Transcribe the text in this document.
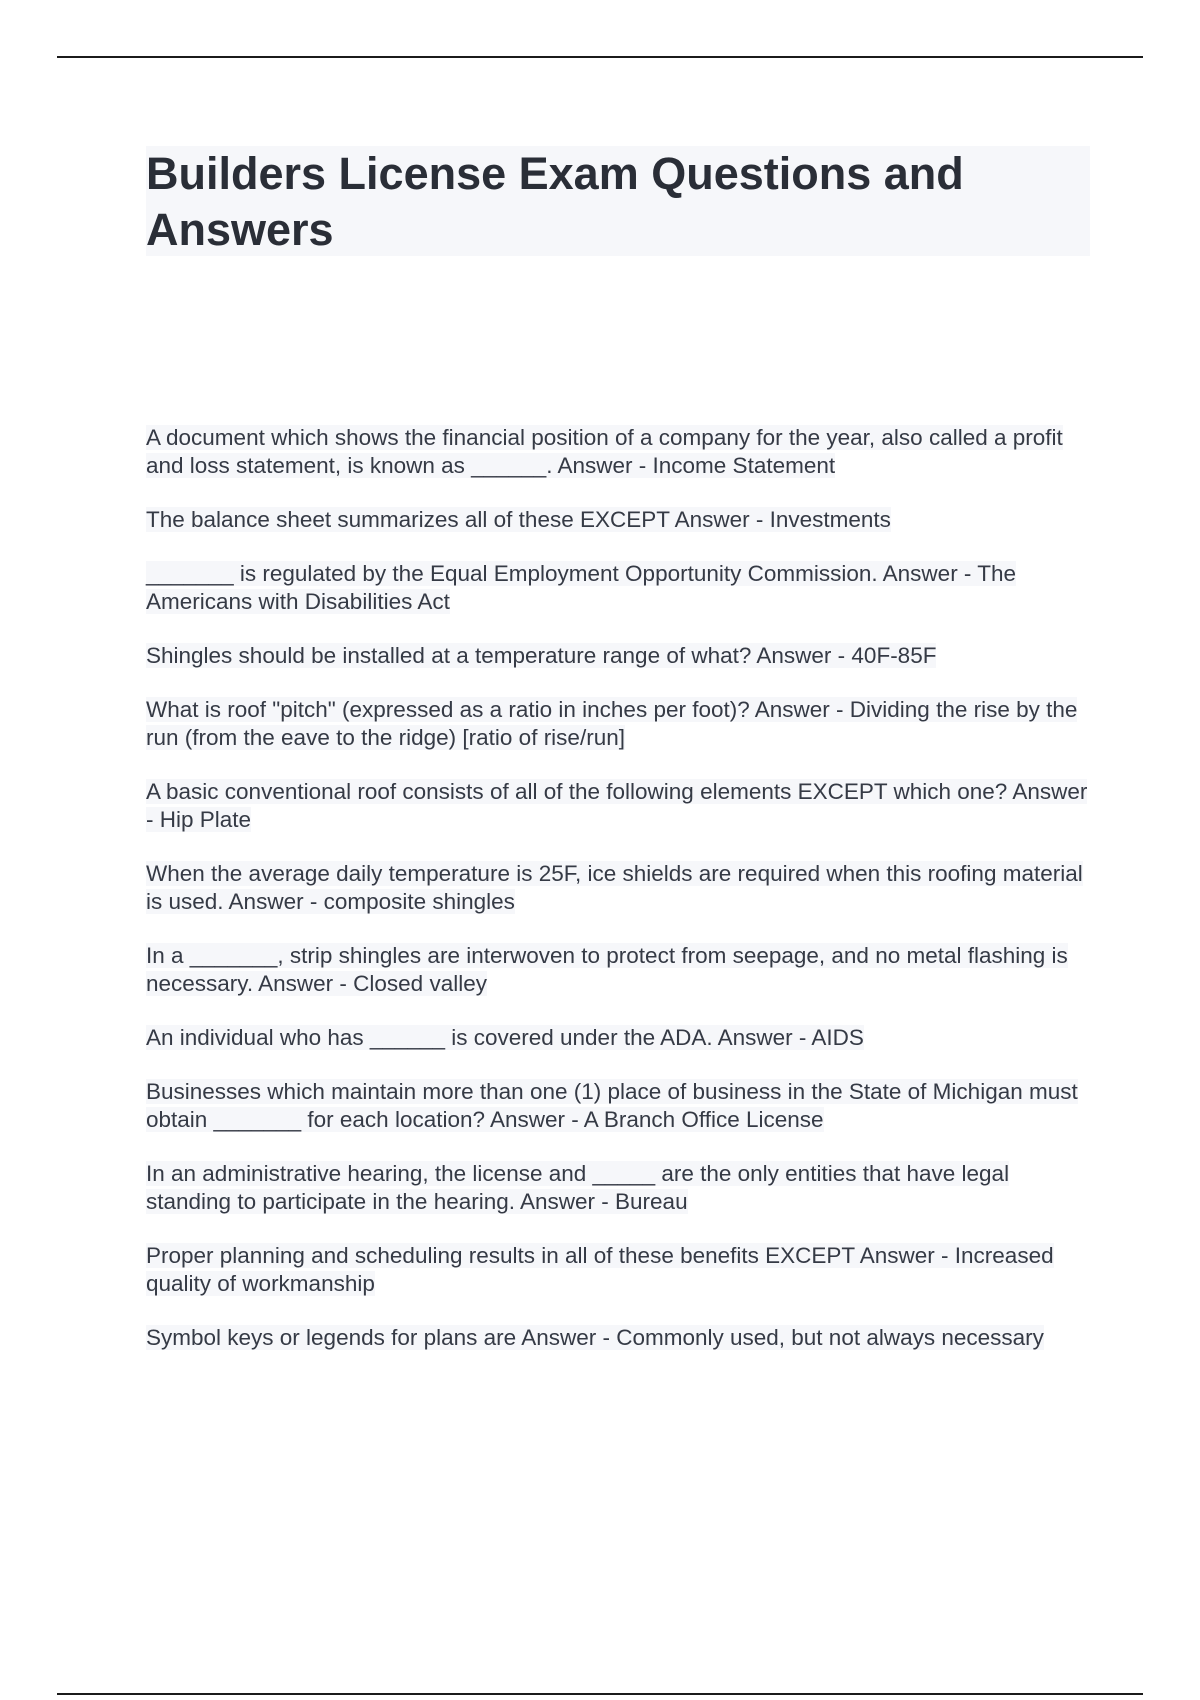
Builders License Exam Questions and Answers

A document which shows the financial position of a company for the year, also called a profit and loss statement, is known as ______. Answer - Income Statement

The balance sheet summarizes all of these EXCEPT Answer - Investments

_______ is regulated by the Equal Employment Opportunity Commission. Answer - The Americans with Disabilities Act

Shingles should be installed at a temperature range of what? Answer - 40F-85F

What is roof "pitch" (expressed as a ratio in inches per foot)? Answer - Dividing the rise by the run (from the eave to the ridge) [ratio of rise/run]

A basic conventional roof consists of all of the following elements EXCEPT which one? Answer - Hip Plate

When the average daily temperature is 25F, ice shields are required when this roofing material is used. Answer - composite shingles

In a _______, strip shingles are interwoven to protect from seepage, and no metal flashing is necessary. Answer - Closed valley

An individual who has ______ is covered under the ADA. Answer - AIDS

Businesses which maintain more than one (1) place of business in the State of Michigan must obtain _______ for each location? Answer - A Branch Office License

In an administrative hearing, the license and _____ are the only entities that have legal standing to participate in the hearing. Answer - Bureau

Proper planning and scheduling results in all of these benefits EXCEPT Answer - Increased quality of workmanship

Symbol keys or legends for plans are Answer - Commonly used, but not always necessary
